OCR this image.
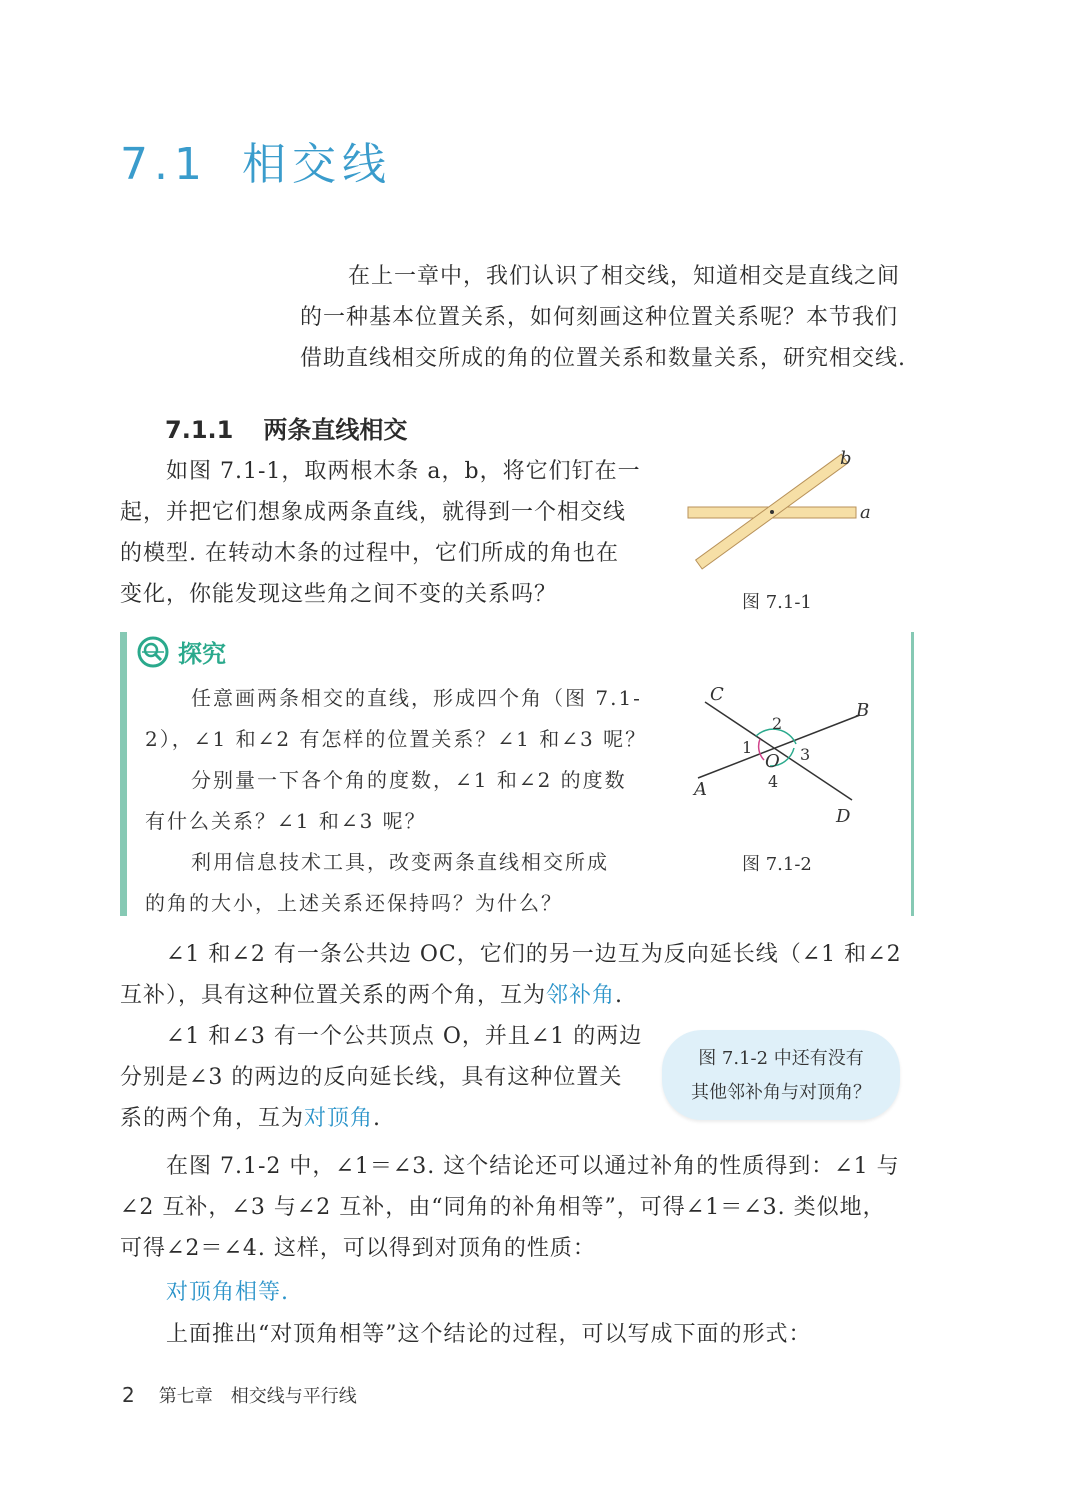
7.1 相交线

在上一章中，我们认识了相交线，知道相交是直线之间

的一种基本位置关系，如何刻画这种位置关系呢？本节我们

借助直线相交所成的角的位置关系和数量关系，研究相交线.

7.1.1 两条直线相交

如图 7.1-1，取两根木条 a，b，将它们钉在一

起，并把它们想象成两条直线，就得到一个相交线

的模型. 在转动木条的过程中，它们所成的角也在

变化，你能发现这些角之间不变的关系吗？

a
b
图 7.1-1
探究

任意画两条相交的直线，形成四个角（图 7.1-

2），∠1 和∠2 有怎样的位置关系？∠1 和∠3 呢？

分别量一下各个角的度数，∠1 和∠2 的度数

有什么关系？∠1 和∠3 呢？

利用信息技术工具，改变两条直线相交所成

的角的大小，上述关系还保持吗？为什么？

C
B
A
D
O
1
2
3
4
图 7.1-2

∠1 和∠2 有一条公共边 OC，它们的另一边互为反向延长线（∠1 和∠2

互补），具有这种位置关系的两个角，互为邻补角.

∠1 和∠3 有一个公共顶点 O，并且∠1 的两边

分别是∠3 的两边的反向延长线，具有这种位置关

系的两个角，互为对顶角.

图 7.1-2 中还有没有

其他邻补角与对顶角？

在图 7.1-2 中，∠1＝∠3. 这个结论还可以通过补角的性质得到：∠1 与

∠2 互补，∠3 与∠2 互补，由“同角的补角相等”，可得∠1＝∠3. 类似地，

可得∠2＝∠4. 这样，可以得到对顶角的性质：

对顶角相等.
上面推出“对顶角相等”这个结论的过程，可以写成下面的形式：
2 第七章　相交线与平行线
